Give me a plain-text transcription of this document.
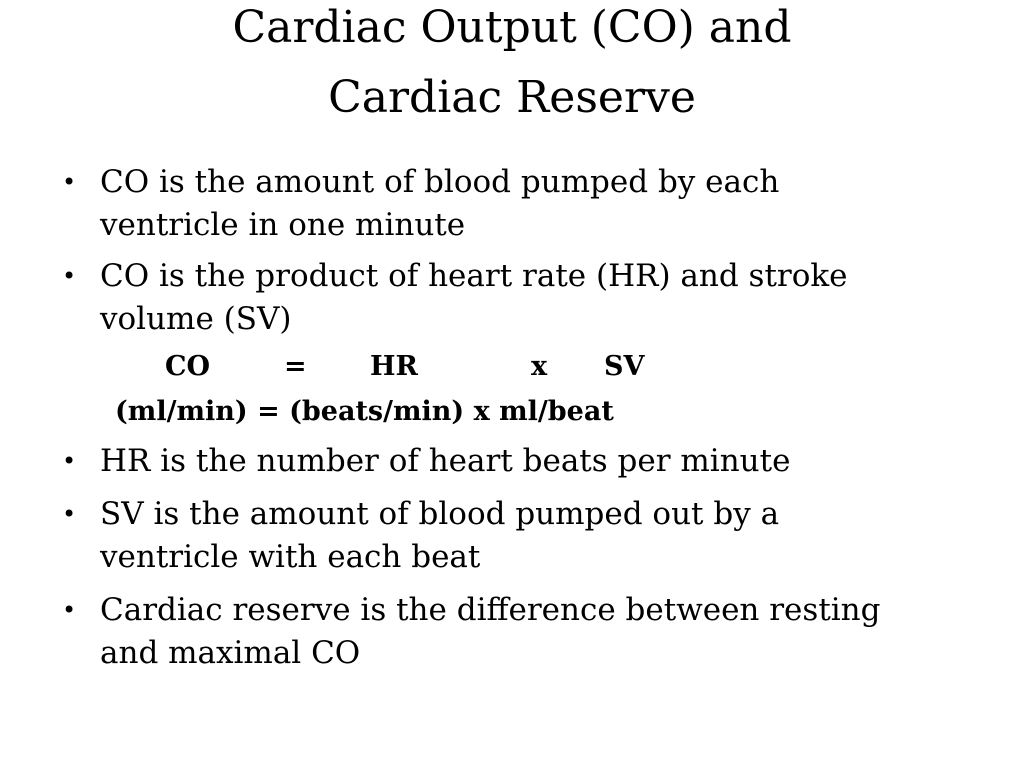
Cardiac Output (CO) and
Cardiac Reserve
• CO is the amount of blood pumped by each
ventricle in one minute
• CO is the product of heart rate (HR) and stroke
volume (SV)
CO	= HR	x SV
(ml/min) = (beats/min) x ml/beat
• HR is the number of heart beats per minute
• SV is the amount of blood pumped out by a
ventricle with each beat
• Cardiac reserve is the difference between resting
and maximal CO
